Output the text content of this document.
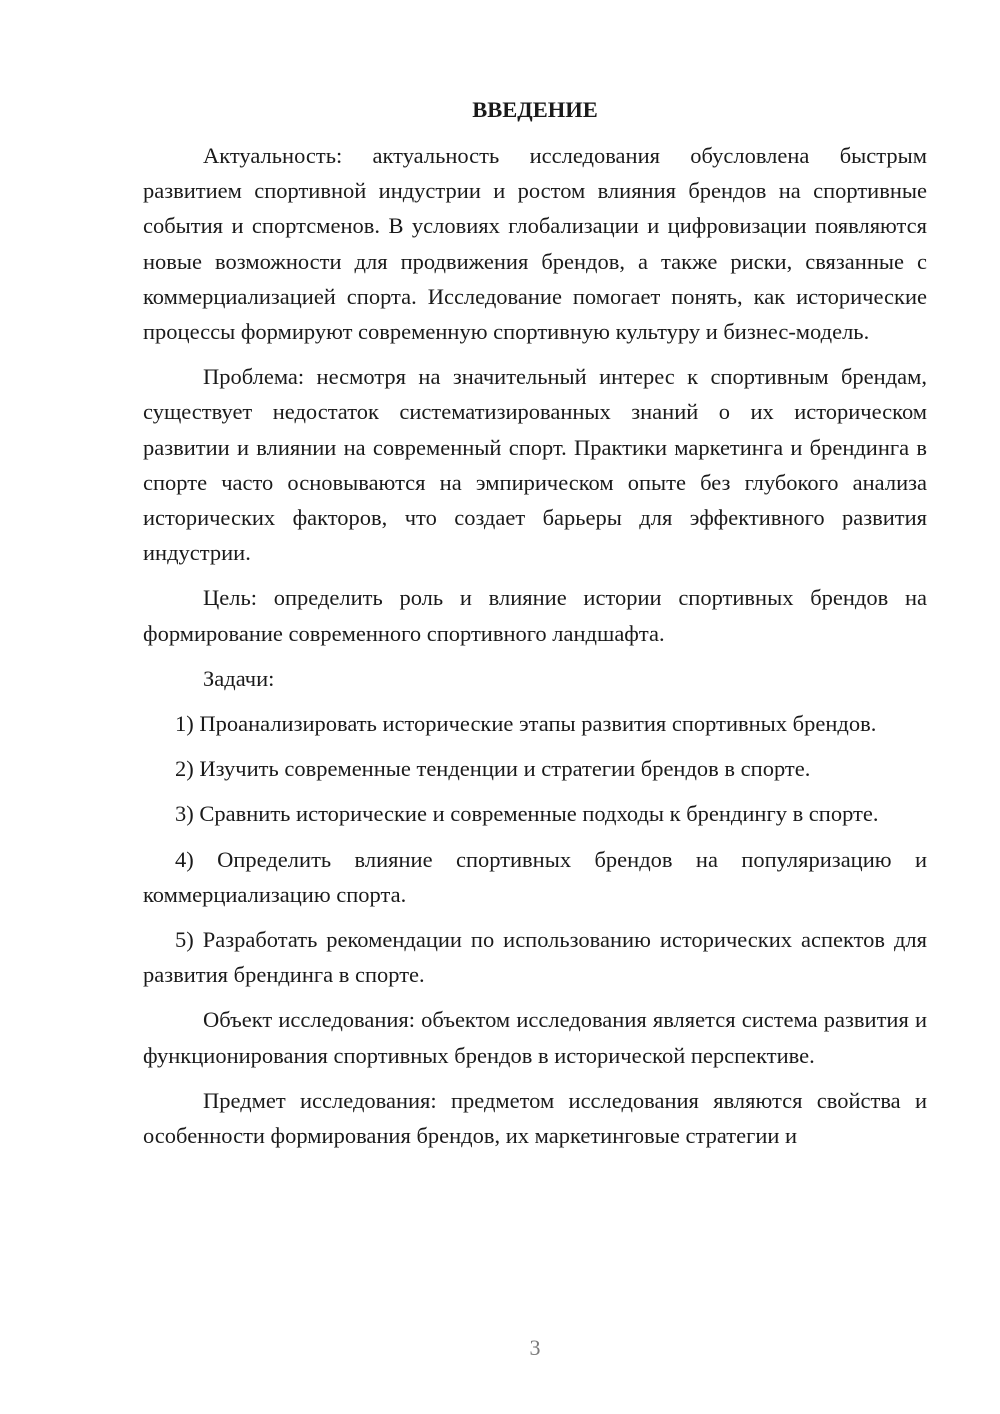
ВВЕДЕНИЕ

Актуальность: актуальность исследования обусловлена быстрым развитием спортивной индустрии и ростом влияния брендов на спортивные события и спортсменов. В условиях глобализации и цифровизации появляются новые возможности для продвижения брендов, а также риски, связанные с коммерциализацией спорта. Исследование помогает понять, как исторические процессы формируют современную спортивную культуру и бизнес-модель.

Проблема: несмотря на значительный интерес к спортивным брендам, существует недостаток систематизированных знаний о их историческом развитии и влиянии на современный спорт. Практики маркетинга и брендинга в спорте часто основываются на эмпирическом опыте без глубокого анализа исторических факторов, что создает барьеры для эффективного развития индустрии.

Цель: определить роль и влияние истории спортивных брендов на формирование современного спортивного ландшафта.

Задачи:

1) Проанализировать исторические этапы развития спортивных брендов.

2) Изучить современные тенденции и стратегии брендов в спорте.

3) Сравнить исторические и современные подходы к брендингу в спорте.

4) Определить влияние спортивных брендов на популяризацию и коммерциализацию спорта.

5) Разработать рекомендации по использованию исторических аспектов для развития брендинга в спорте.

Объект исследования: объектом исследования является система развития и функционирования спортивных брендов в исторической перспективе.

Предмет исследования: предметом исследования являются свойства и особенности формирования брендов, их маркетинговые стратегии и

3
